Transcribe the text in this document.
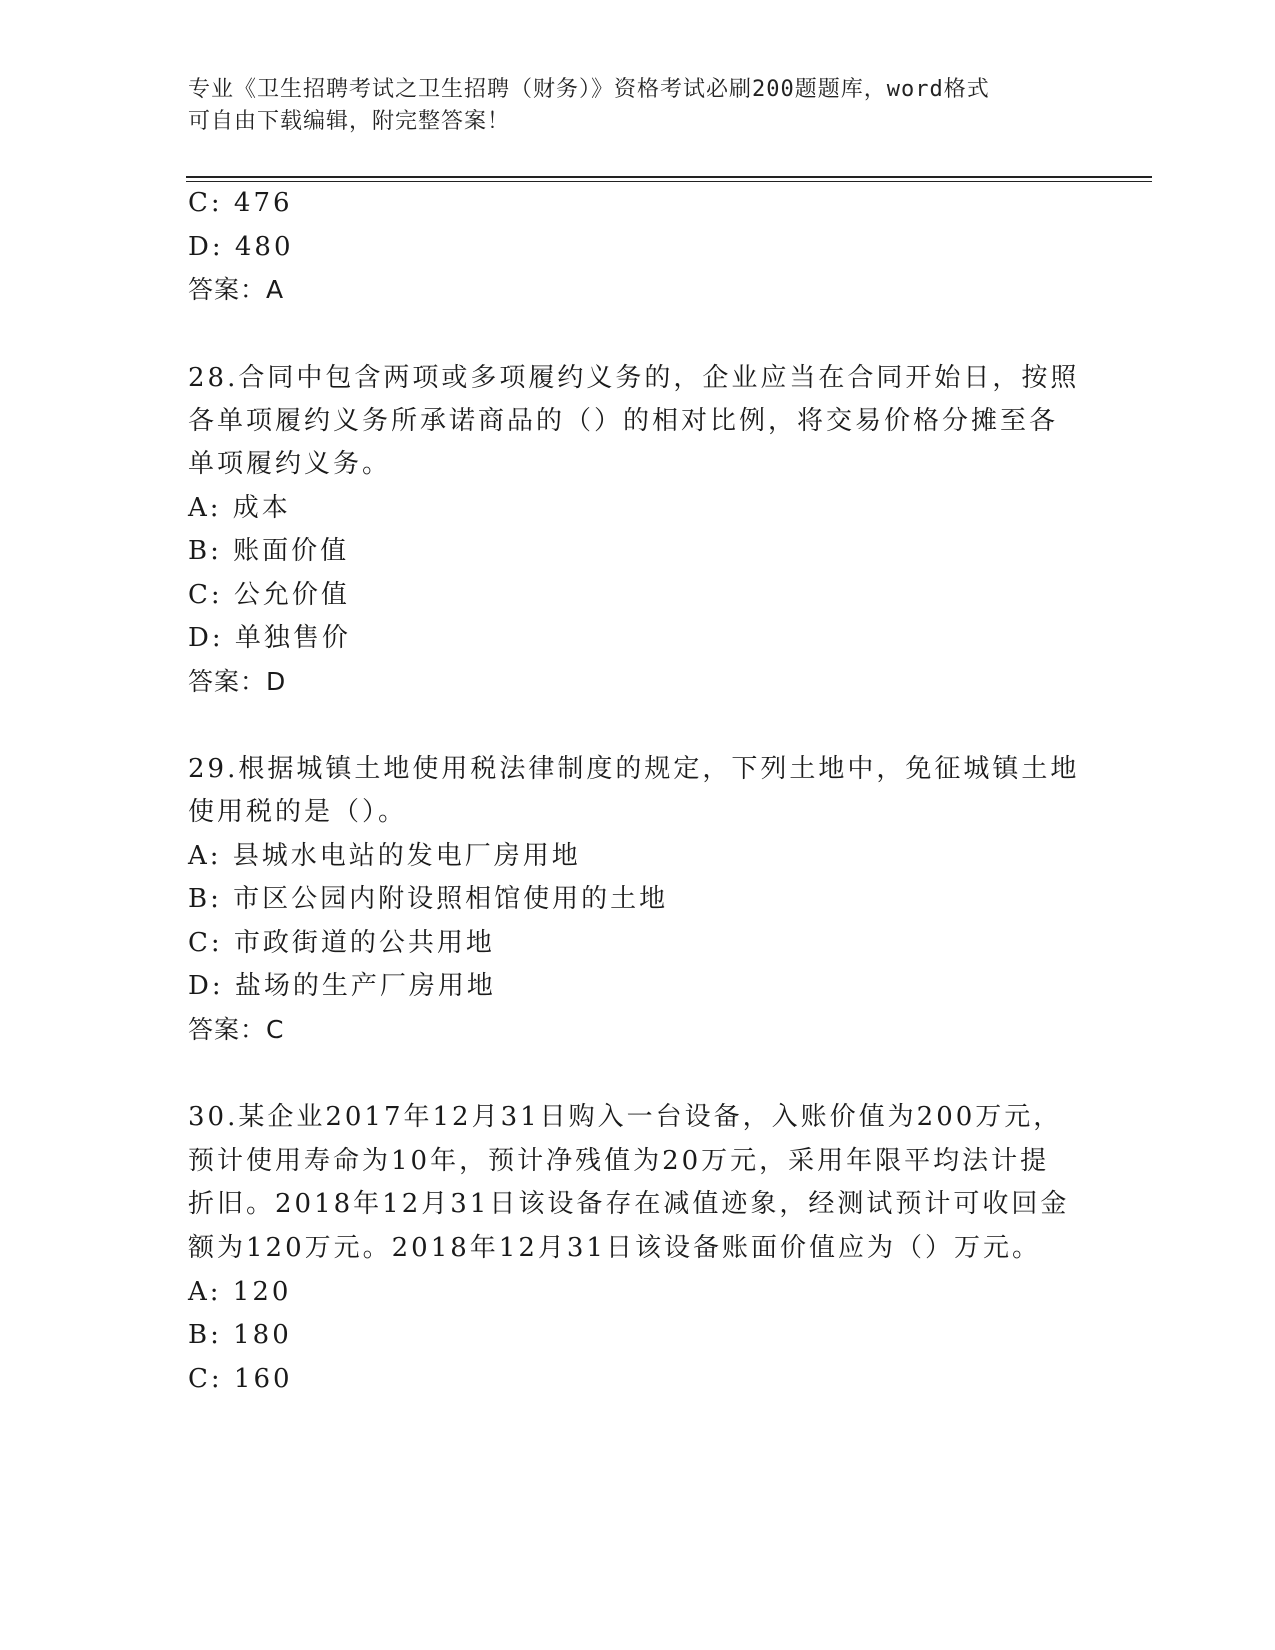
专业《卫生招聘考试之卫生招聘（财务）》资格考试必刷200题题库，word格式
可自由下载编辑，附完整答案！
C: 476
D: 480
答案：A
28.合同中包含两项或多项履约义务的，企业应当在合同开始日，按照
各单项履约义务所承诺商品的（）的相对比例，将交易价格分摊至各
单项履约义务。
A: 成本
B: 账面价值
C: 公允价值
D: 单独售价
答案：D
29.根据城镇土地使用税法律制度的规定，下列土地中，免征城镇土地
使用税的是（）。
A: 县城水电站的发电厂房用地
B: 市区公园内附设照相馆使用的土地
C: 市政街道的公共用地
D: 盐场的生产厂房用地
答案：C
30.某企业2017年12月31日购入一台设备，入账价值为200万元，
预计使用寿命为10年，预计净残值为20万元，采用年限平均法计提
折旧。2018年12月31日该设备存在减值迹象，经测试预计可收回金
额为120万元。2018年12月31日该设备账面价值应为（）万元。
A: 120
B: 180
C: 160
